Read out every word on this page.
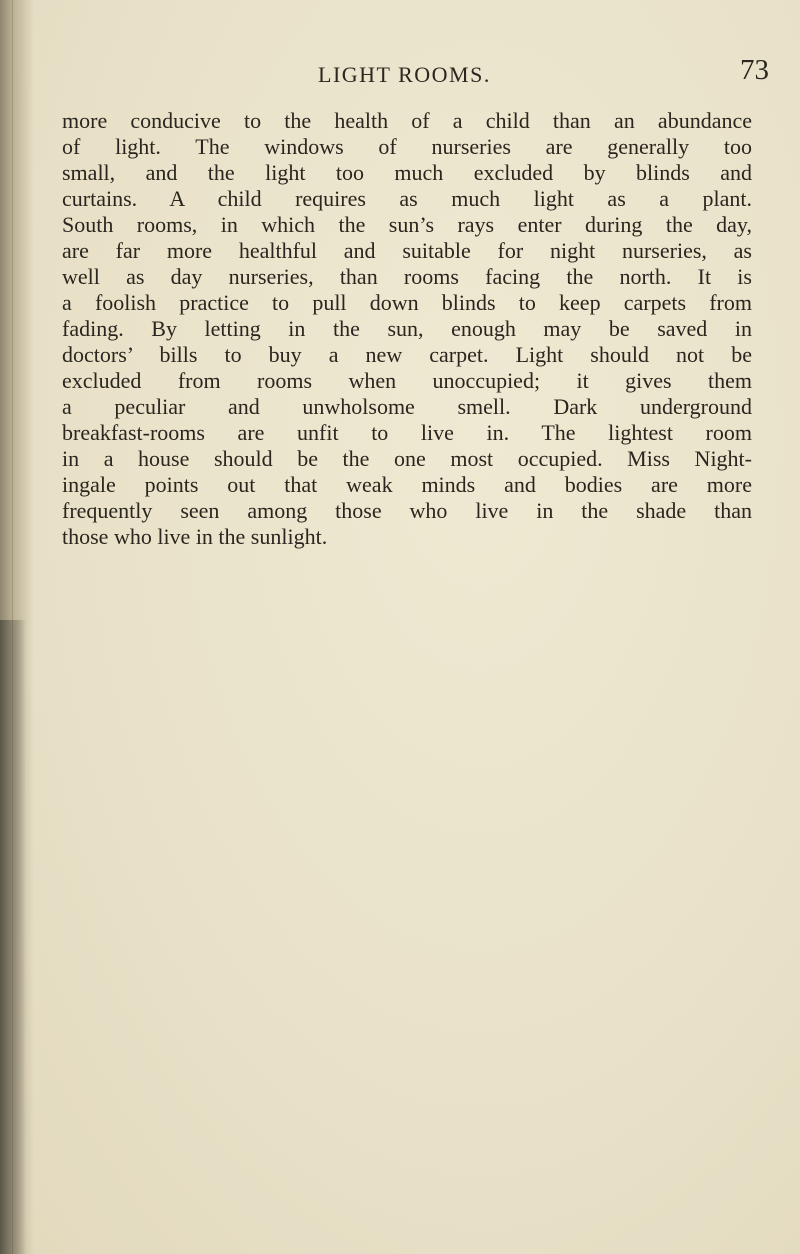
LIGHT ROOMS.	73
more conducive to the health of a child than an abundance
of light. The windows of nurseries are generally too
small, and the light too much excluded by blinds and
curtains. A child requires as much light as a plant.
South rooms, in which the sun’s rays enter during the day,
are far more healthful and suitable for night nurseries, as
well as day nurseries, than rooms facing the north. It is
a foolish practice to pull down blinds to keep carpets from
fading. By letting in the sun, enough may be saved in
doctors’ bills to buy a new carpet. Light should not be
excluded from rooms when unoccupied; it gives them
a peculiar and unwholsome smell. Dark underground
breakfast-rooms are unfit to live in. The lightest room
in a house should be the one most occupied. Miss Night-
ingale points out that weak minds and bodies are more
frequently seen among those who live in the shade than
those who live in the sunlight.
